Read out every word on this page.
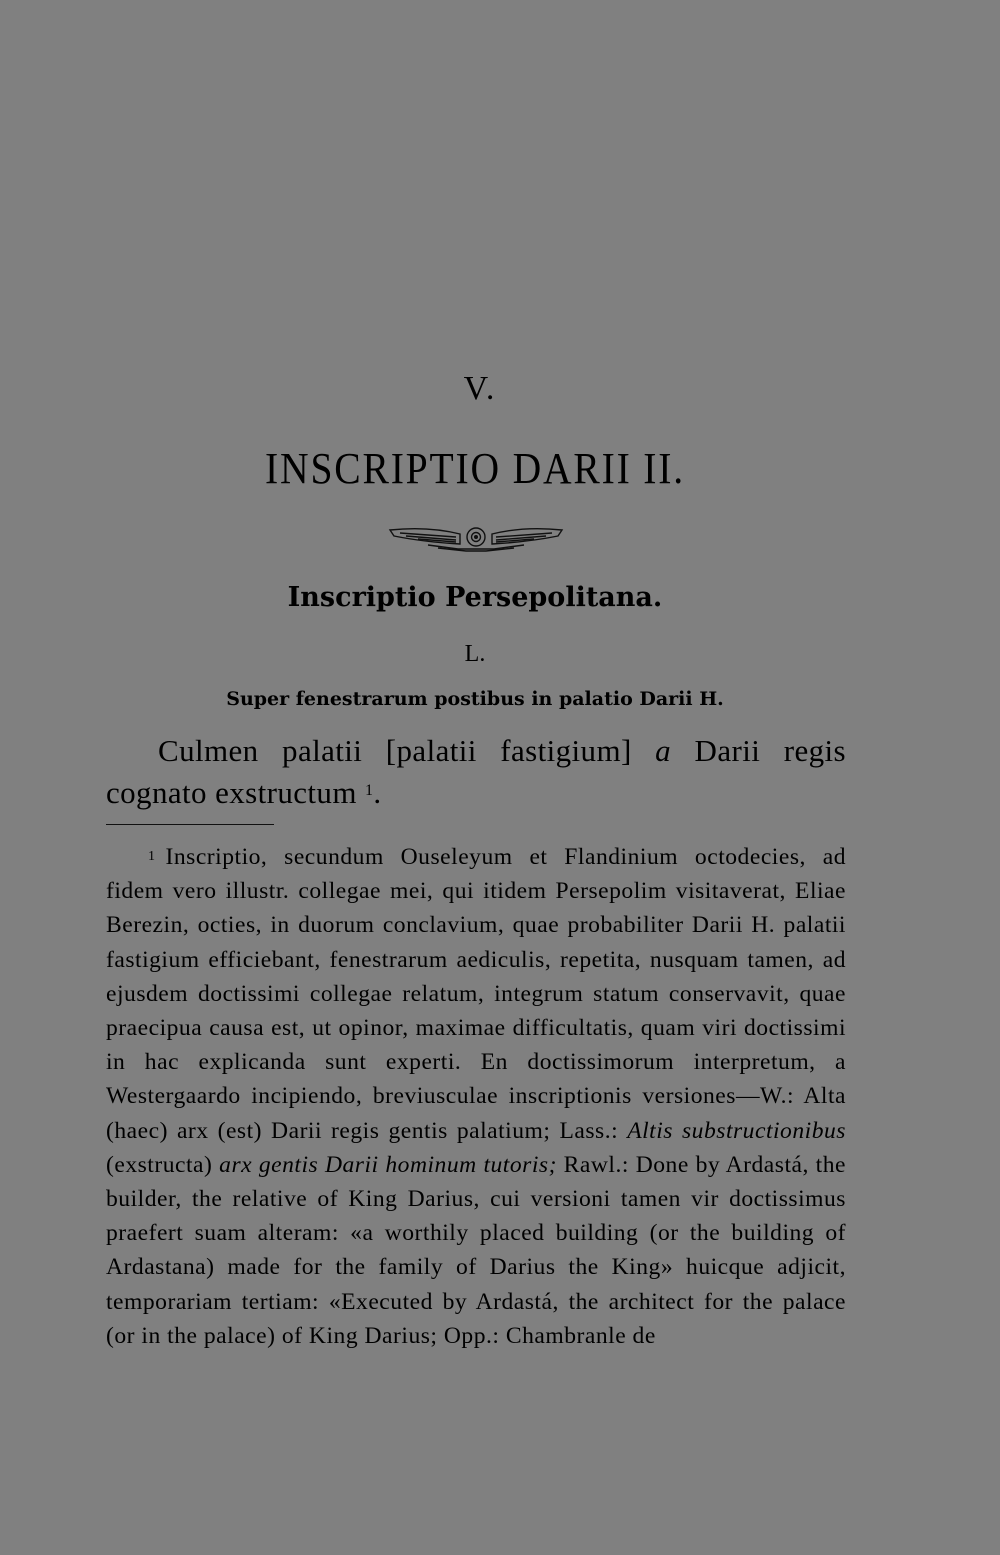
V.
INSCRIPTIO DARII II.
Inscriptio Persepolitana.
L.
Super fenestrarum postibus in palatio Darii H.

Culmen palatii [palatii fastigium] a Darii regis cognato exstructum $^1$.

$^1$ Inscriptio, secundum Ouseleyum et Flandinium octodecies, ad fidem vero illustr. collegae mei, qui itidem Persepolim visitaverat, Eliae Berezin, octies, in duorum conclavium, quae probabiliter Darii H. palatii fastigium efficiebant, fenestrarum aediculis, repetita, nusquam tamen, ad ejusdem doctissimi collegae relatum, integrum statum conservavit, quae praecipua causa est, ut opinor, maximae difficultatis, quam viri doctissimi in hac explicanda sunt experti. En doctissimorum interpretum, a Westergaardo incipiendo, breviusculae inscriptionis versiones—W.: Alta (haec) arx (est) Darii regis gentis palatium; Lass.: Altis substructionibus (exstructa) arx gentis Darii hominum tutoris; Rawl.: Done by Ardastá, the builder, the relative of King Darius, cui versioni tamen vir doctissimus praefert suam alteram: «a worthily placed building (or the building of Ardastana) made for the family of Darius the King» huicque adjicit, temporariam tertiam: «Executed by Ardastá, the architect for the palace (or in the palace) of King Darius; Opp.: Chambranle de
